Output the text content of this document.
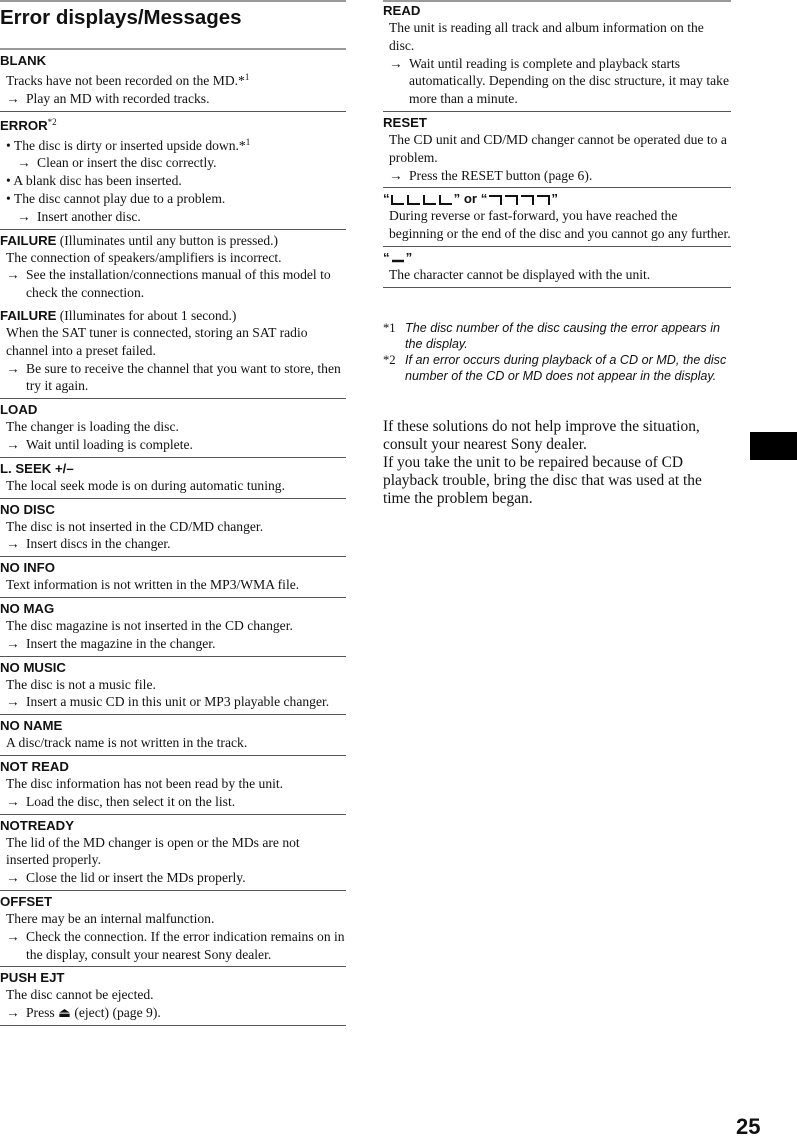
Error displays/Messages
BLANK
Tracks have not been recorded on the MD.*$^1$
→ Play an MD with recorded tracks.
ERROR$^{*2}$
• The disc is dirty or inserted upside down.*$^1$
→ Clean or insert the disc correctly.
• A blank disc has been inserted.
• The disc cannot play due to a problem.
→ Insert another disc.
FAILURE (Illuminates until any button is pressed.)
The connection of speakers/amplifiers is incorrect.
→ See the installation/connections manual of this model to check the connection.
FAILURE (Illuminates for about 1 second.)
When the SAT tuner is connected, storing an SAT radio channel into a preset failed.
→ Be sure to receive the channel that you want to store, then try it again.
LOAD
The changer is loading the disc.
→ Wait until loading is complete.
L. SEEK +/–
The local seek mode is on during automatic tuning.
NO DISC
The disc is not inserted in the CD/MD changer.
→ Insert discs in the changer.
NO INFO
Text information is not written in the MP3/WMA file.
NO MAG
The disc magazine is not inserted in the CD changer.
→ Insert the magazine in the changer.
NO MUSIC
The disc is not a music file.
→ Insert a music CD in this unit or MP3 playable changer.
NO NAME
A disc/track name is not written in the track.
NOT READ
The disc information has not been read by the unit.
→ Load the disc, then select it on the list.
NOTREADY
The lid of the MD changer is open or the MDs are not inserted properly.
→ Close the lid or insert the MDs properly.
OFFSET
There may be an internal malfunction.
→ Check the connection. If the error indication remains on in the display, consult your nearest Sony dealer.
PUSH EJT
The disc cannot be ejected.
→ Press ⏏ (eject) (page 9).
READ
The unit is reading all track and album information on the disc.
→ Wait until reading is complete and playback starts automatically. Depending on the disc structure, it may take more than a minute.
RESET
The CD unit and CD/MD changer cannot be operated due to a problem.
→ Press the RESET button (page 6).
“	” or “	”
During reverse or fast-forward, you have reached the beginning or the end of the disc and you cannot go any further.
“ ”
The character cannot be displayed with the unit.
*1 The disc number of the disc causing the error appears in the display.
*2 If an error occurs during playback of a CD or MD, the disc number of the CD or MD does not appear in the display.

If these solutions do not help improve the situation, consult your nearest Sony dealer.

If you take the unit to be repaired because of CD playback trouble, bring the disc that was used at the time the problem began.

25
